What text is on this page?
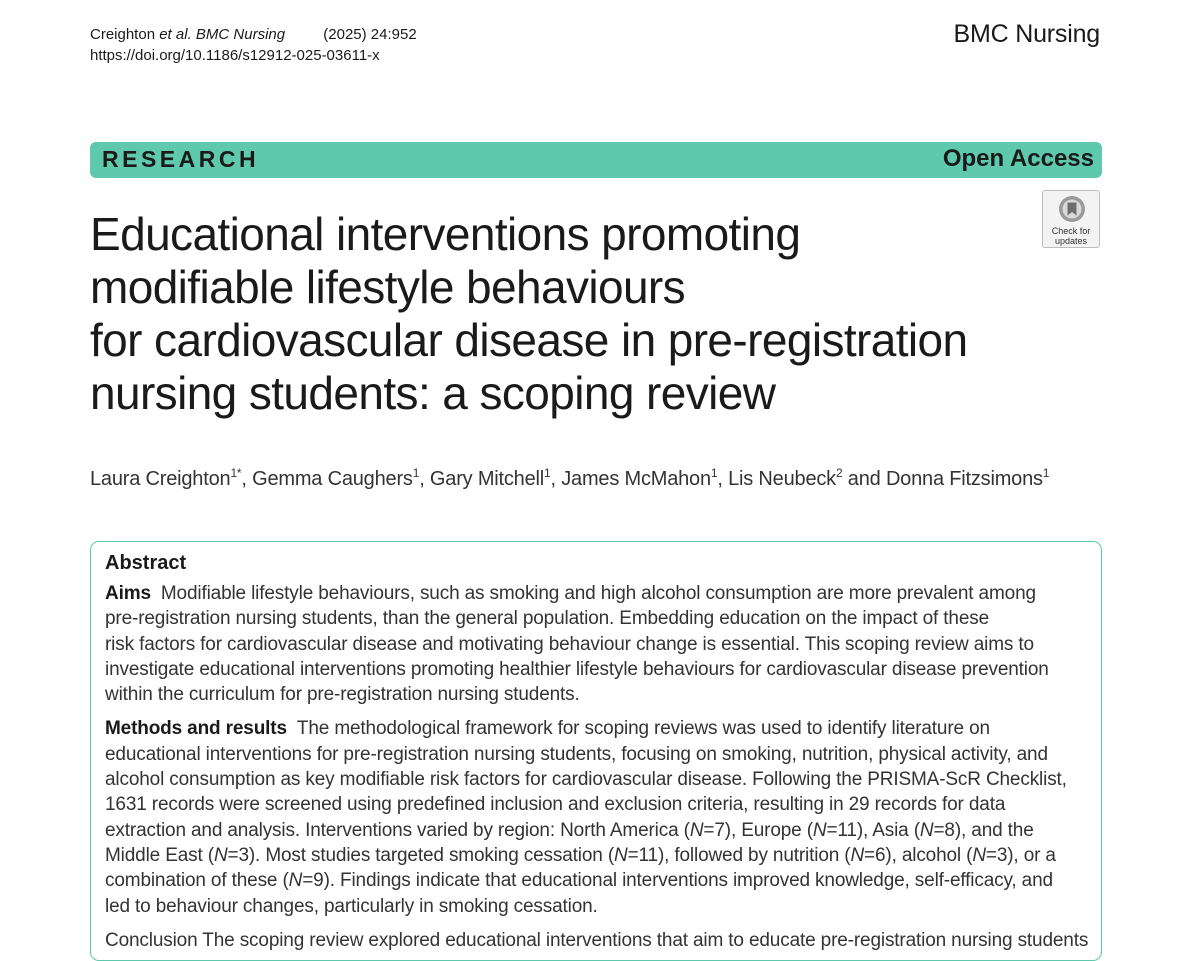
Creighton et al. BMC Nursing	(2025) 24:952
https://doi.org/10.1186/s12912-025-03611-x
BMC Nursing
RESEARCH	Open Access
Check for
updates
Educational interventions promoting
modifiable lifestyle behaviours
for cardiovascular disease in pre-registration
nursing students: a scoping review
Laura Creighton$^{1*}$, Gemma Caughers$^1$, Gary Mitchell$^1$, James McMahon$^1$, Lis Neubeck$^2$ and Donna Fitzsimons$^1$
Abstract

Aims Modifiable lifestyle behaviours, such as smoking and high alcohol consumption are more prevalent among
pre-registration nursing students, than the general population. Embedding education on the impact of these
risk factors for cardiovascular disease and motivating behaviour change is essential. This scoping review aims to
investigate educational interventions promoting healthier lifestyle behaviours for cardiovascular disease prevention
within the curriculum for pre-registration nursing students.

Methods and results The methodological framework for scoping reviews was used to identify literature on
educational interventions for pre-registration nursing students, focusing on smoking, nutrition, physical activity, and
alcohol consumption as key modifiable risk factors for cardiovascular disease. Following the PRISMA-ScR Checklist,
1631 records were screened using predefined inclusion and exclusion criteria, resulting in 29 records for data
extraction and analysis. Interventions varied by region: North America (N=7), Europe (N=11), Asia (N=8), and the
Middle East (N=3). Most studies targeted smoking cessation (N=11), followed by nutrition (N=6), alcohol (N=3), or a
combination of these (N=9). Findings indicate that educational interventions improved knowledge, self-efficacy, and
led to behaviour changes, particularly in smoking cessation.

Conclusion The scoping review explored educational interventions that aim to educate pre-registration nursing students
